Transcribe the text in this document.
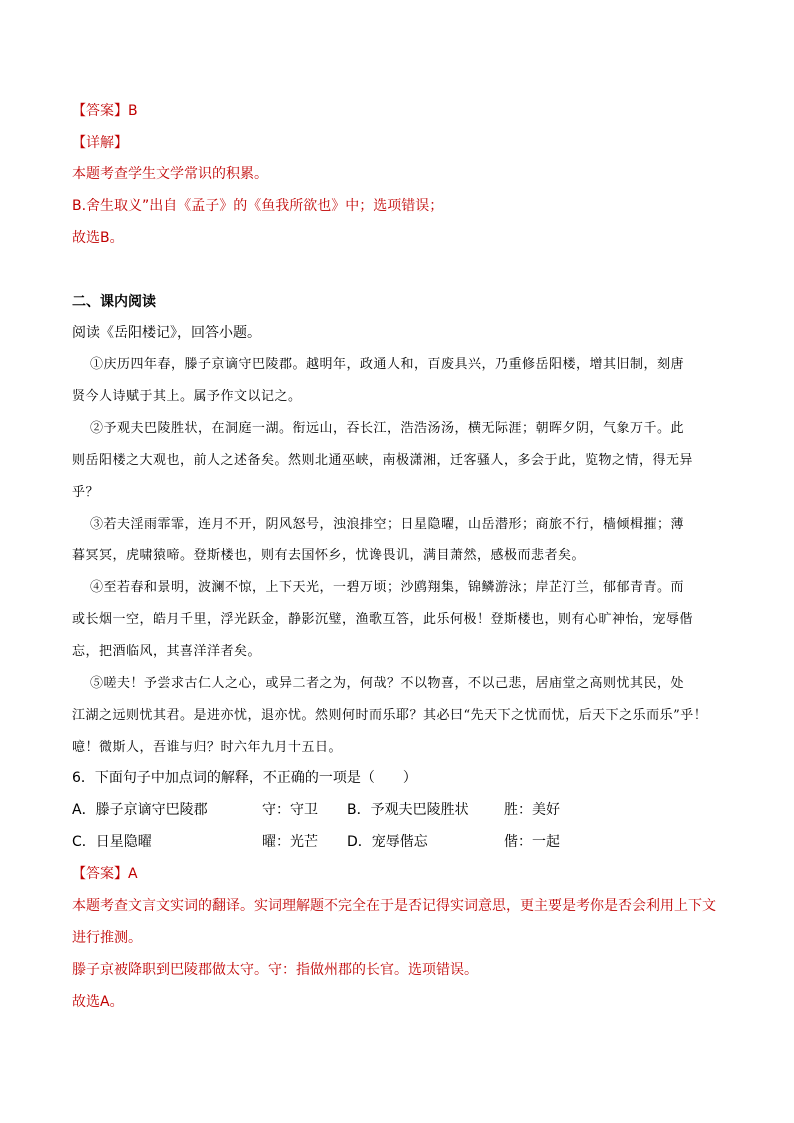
【答案】B
【详解】
本题考查学生文学常识的积累。
B.舍生取义”出自《孟子》的《鱼我所欲也》中；选项错误；
故选B。
二、课内阅读
阅读《岳阳楼记》，回答小题。
①庆历四年春，滕子京谪守巴陵郡。越明年，政通人和，百废具兴，乃重修岳阳楼，增其旧制，刻唐
贤今人诗赋于其上。属予作文以记之。
②予观夫巴陵胜状，在洞庭一湖。衔远山，吞长江，浩浩汤汤，横无际涯；朝晖夕阴，气象万千。此
则岳阳楼之大观也，前人之述备矣。然则北通巫峡，南极潇湘，迁客骚人，多会于此，览物之情，得无异
乎？
③若夫淫雨霏霏，连月不开，阴风怒号，浊浪排空；日星隐曜，山岳潜形；商旅不行，樯倾楫摧；薄
暮冥冥，虎啸猿啼。登斯楼也，则有去国怀乡，忧谗畏讥，满目萧然，感极而悲者矣。
④至若春和景明，波澜不惊，上下天光，一碧万顷；沙鸥翔集，锦鳞游泳；岸芷汀兰，郁郁青青。而
或长烟一空，皓月千里，浮光跃金，静影沉璧，渔歌互答，此乐何极！登斯楼也，则有心旷神怡，宠辱偕
忘，把酒临风，其喜洋洋者矣。
⑤嗟夫！予尝求古仁人之心，或异二者之为，何哉？不以物喜，不以己悲，居庙堂之高则忧其民，处
江湖之远则忧其君。是进亦忧，退亦忧。然则何时而乐耶？其必曰“先天下之忧而忧，后天下之乐而乐”乎！
噫！微斯人，吾谁与归？时六年九月十五日。
6．下面句子中加点词的解释，不正确的一项是（　　）
A．滕子京谪守巴陵郡	守：守卫 B．予观夫巴陵胜状	胜：美好
C．日星隐曜	曜：光芒 D．宠辱偕忘	偕：一起
【答案】A
本题考查文言文实词的翻译。实词理解题不完全在于是否记得实词意思，更主要是考你是否会利用上下文
进行推测。
滕子京被降职到巴陵郡做太守。守：指做州郡的长官。选项错误。
故选A。
